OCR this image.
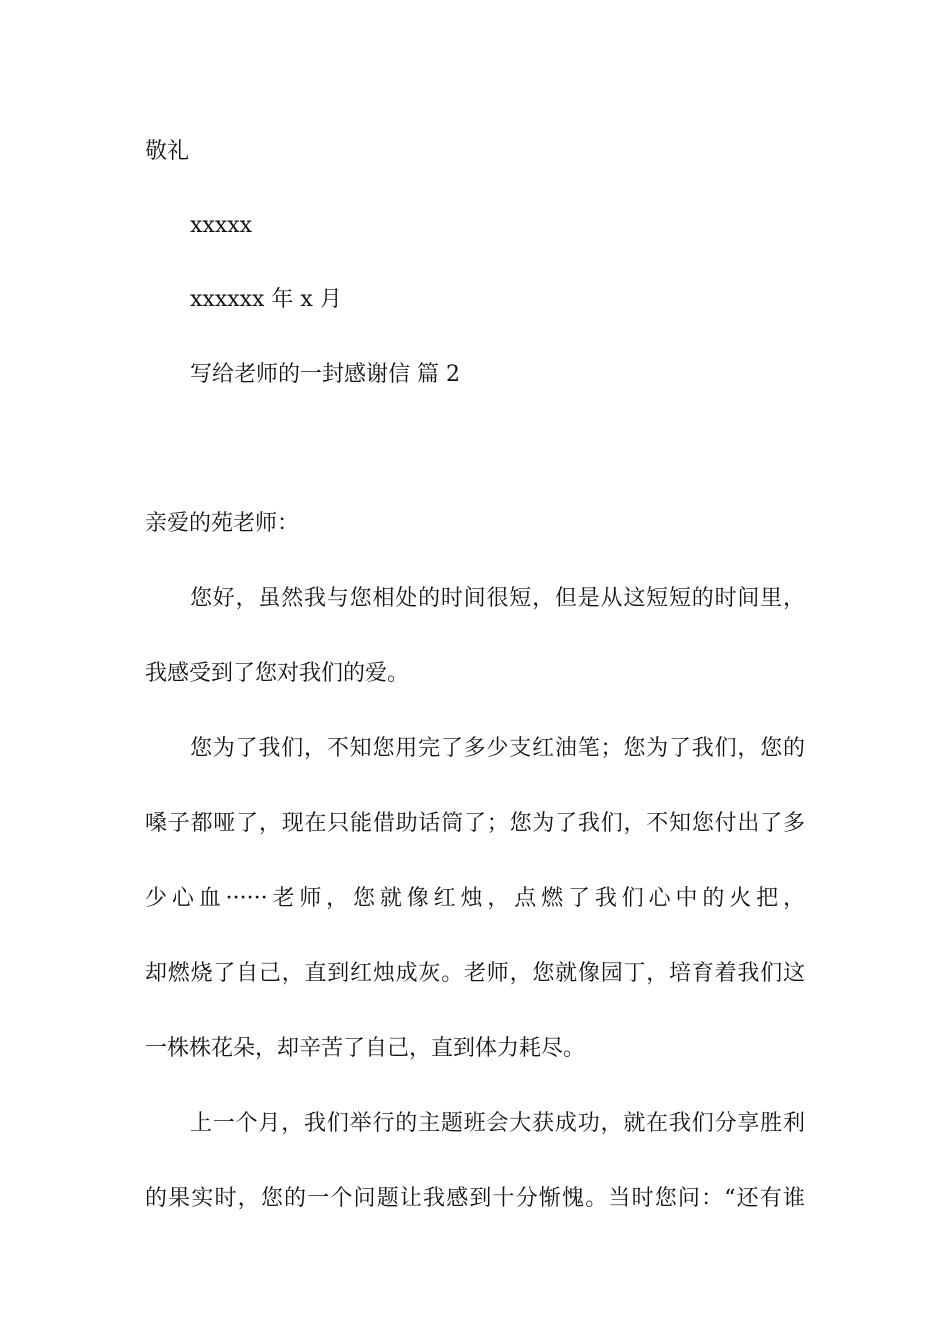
敬礼
xxxxx
xxxxxx 年 x 月
写给老师的一封感谢信 篇 2
亲爱的苑老师：
您好，虽然我与您相处的时间很短，但是从这短短的时间里，
我感受到了您对我们的爱。
您为了我们，不知您用完了多少支红油笔；您为了我们，您的
嗓子都哑了，现在只能借助话筒了；您为了我们，不知您付出了多
少心血······老师，您就像红烛，点燃了我们心中的火把，
却燃烧了自己，直到红烛成灰。老师，您就像园丁，培育着我们这
一株株花朵，却辛苦了自己，直到体力耗尽。
上一个月，我们举行的主题班会大获成功，就在我们分享胜利
的果实时，您的一个问题让我感到十分惭愧。当时您问：“还有谁
